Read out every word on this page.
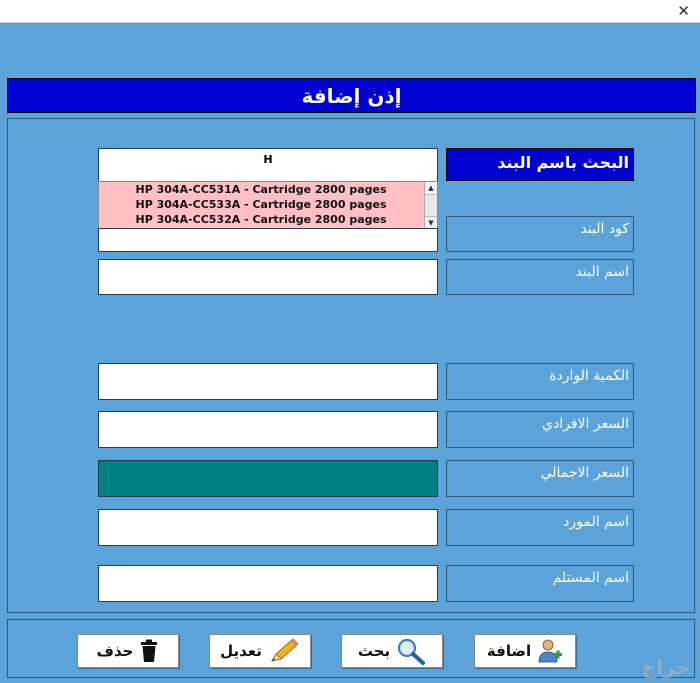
✕
إذن إضافة
H	البحث باسم البند
HP 304A-CC531A - Cartridge 2800 pages
HP 304A-CC533A - Cartridge 2800 pages
HP 304A-CC532A - Cartridge 2800 pages
▲
▼	كود البند
اسم البند
الكمية الواردة
السعر الافرادي
السعر الاجمالي
اسم المورد
اسم المستلم
اضافة
بحث
تعديل
حذف
حراج
